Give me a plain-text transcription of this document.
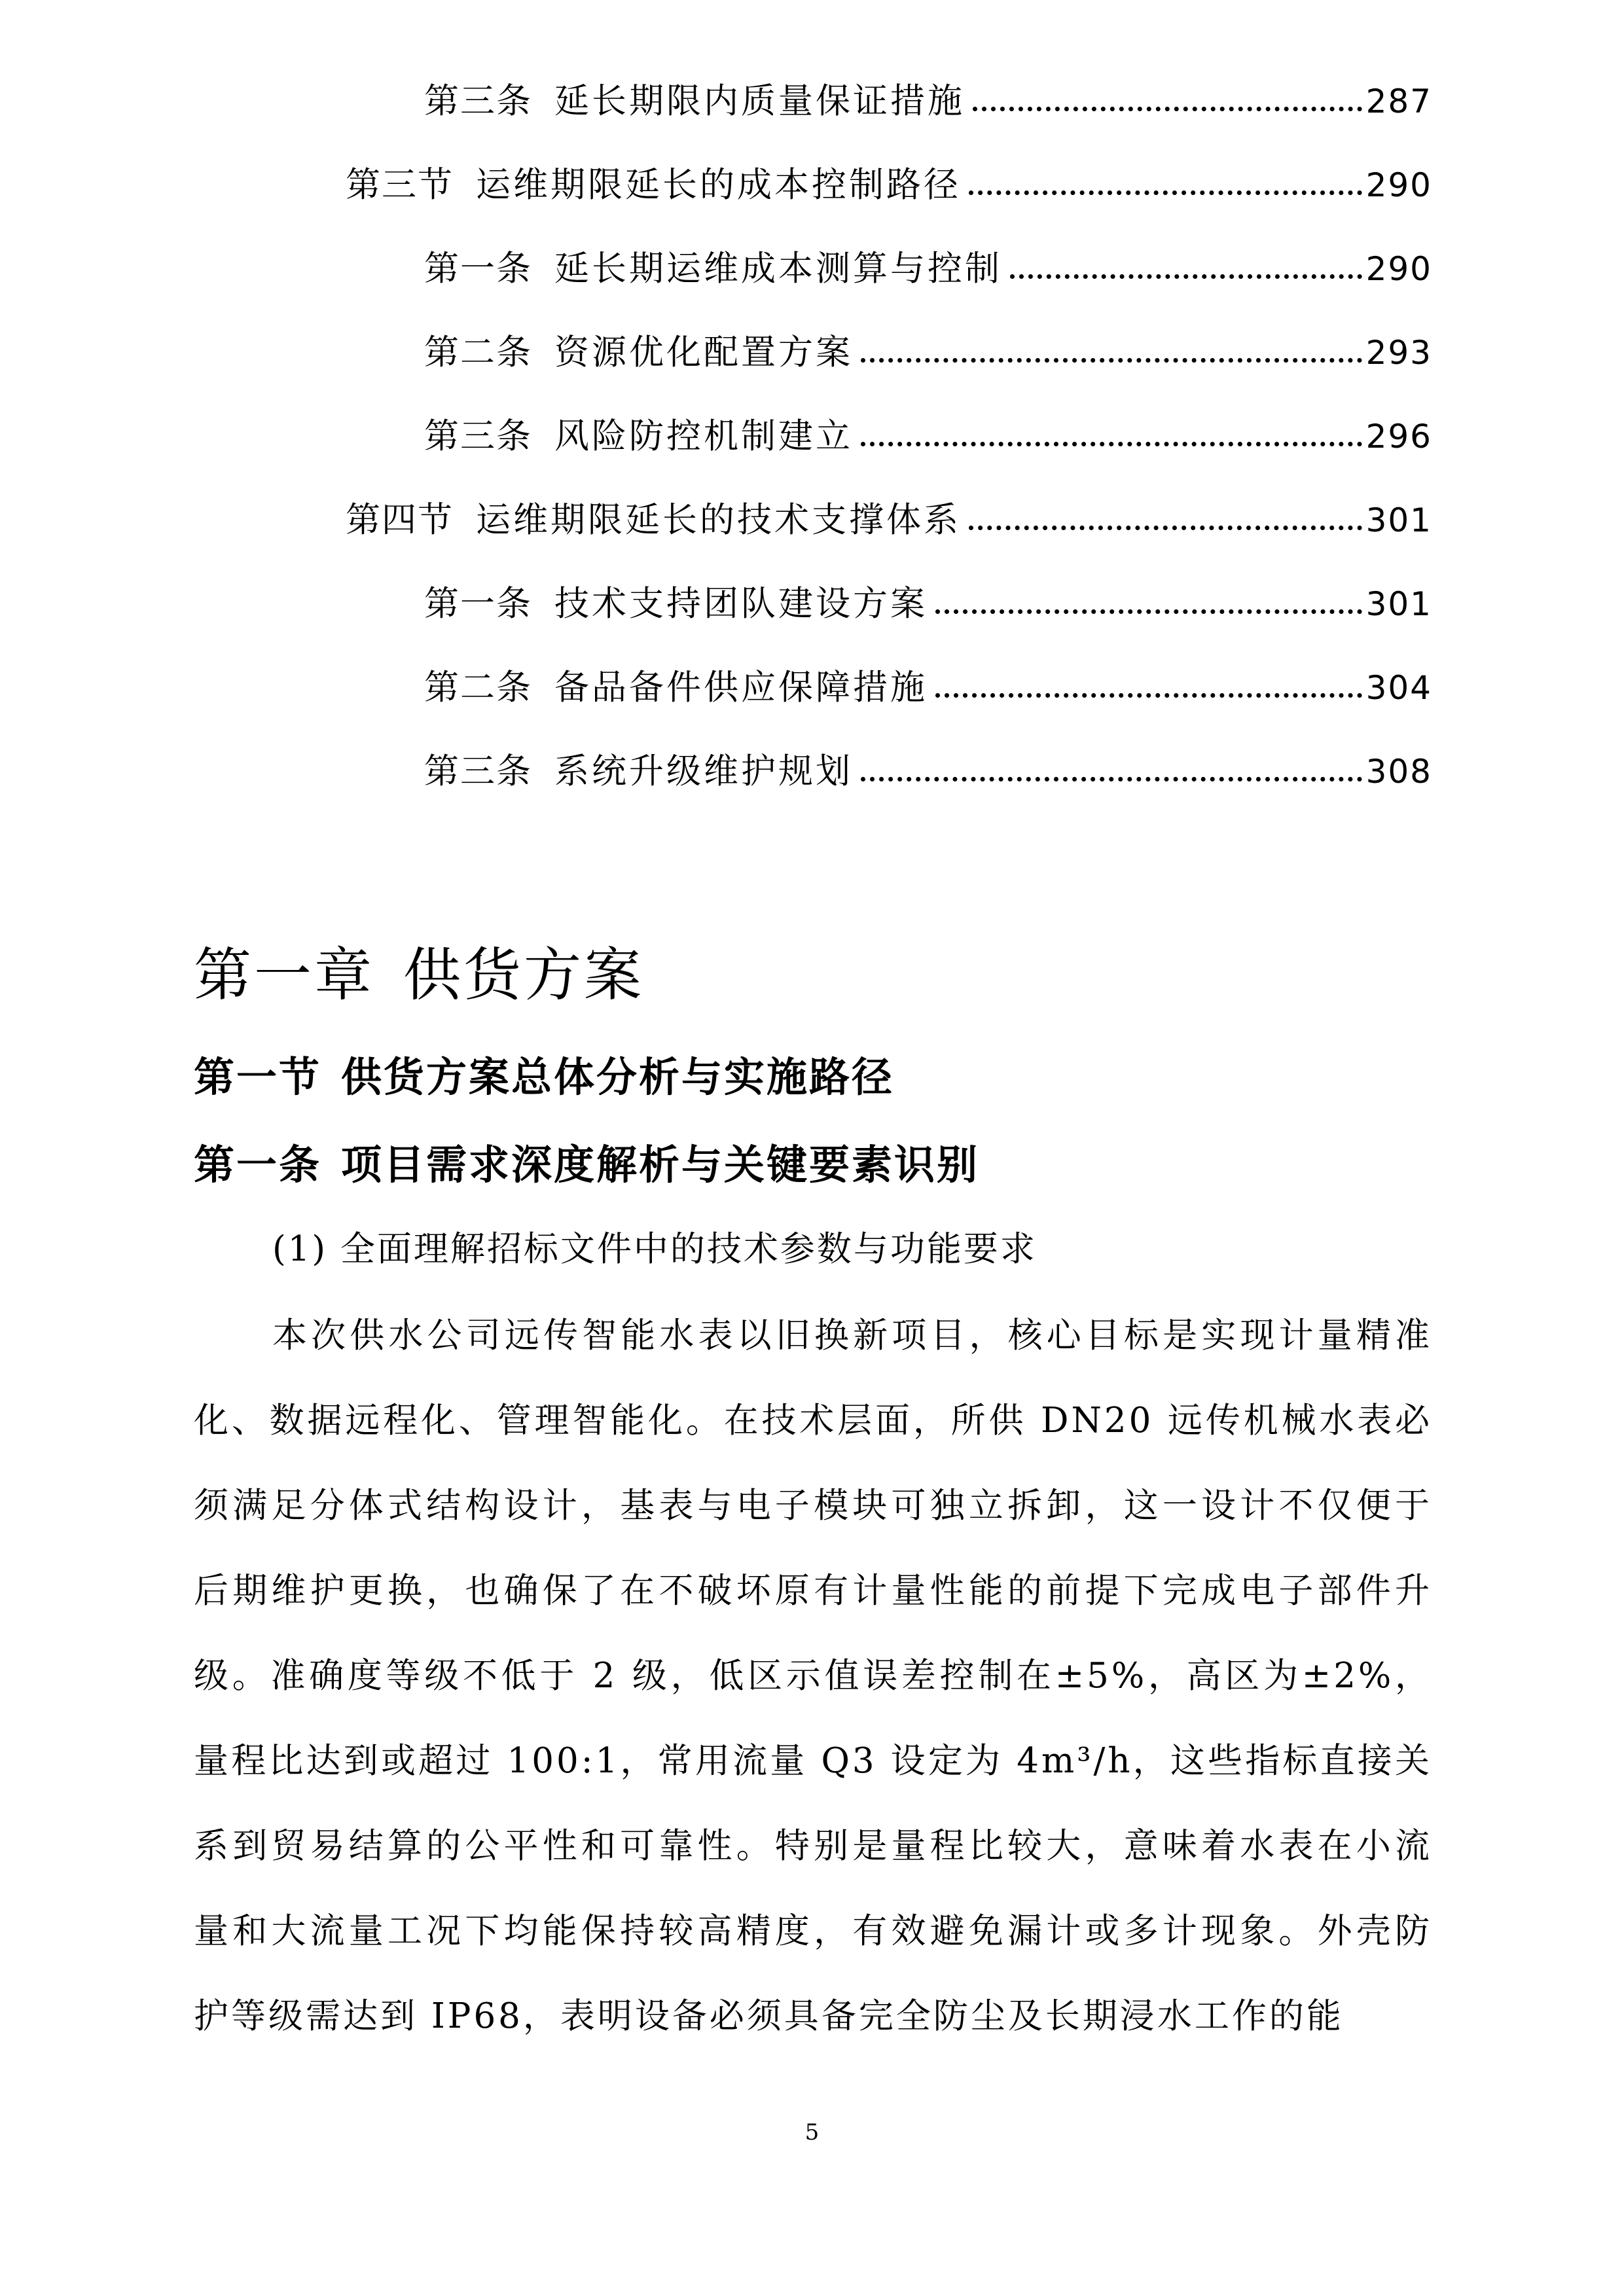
第三条 延长期限内质量保证措施	287
第三节 运维期限延长的成本控制路径	290
第一条 延长期运维成本测算与控制	290
第二条 资源优化配置方案	293
第三条 风险防控机制建立	296
第四节 运维期限延长的技术支撑体系	301
第一条 技术支持团队建设方案	301
第二条 备品备件供应保障措施	304
第三条 系统升级维护规划	308
第一章 供货方案
第一节 供货方案总体分析与实施路径
第一条 项目需求深度解析与关键要素识别
(1) 全面理解招标文件中的技术参数与功能要求
本次供水公司远传智能水表以旧换新项目，核心目标是实现计量精准
化、数据远程化、管理智能化。在技术层面，所供 DN20 远传机械水表必
须满足分体式结构设计，基表与电子模块可独立拆卸，这一设计不仅便于
后期维护更换，也确保了在不破坏原有计量性能的前提下完成电子部件升
级。准确度等级不低于 2 级，低区示值误差控制在±5%，高区为±2%，
量程比达到或超过 100:1，常用流量 Q3 设定为 4m³/h，这些指标直接关
系到贸易结算的公平性和可靠性。特别是量程比较大，意味着水表在小流
量和大流量工况下均能保持较高精度，有效避免漏计或多计现象。外壳防
护等级需达到 IP68，表明设备必须具备完全防尘及长期浸水工作的能
5
